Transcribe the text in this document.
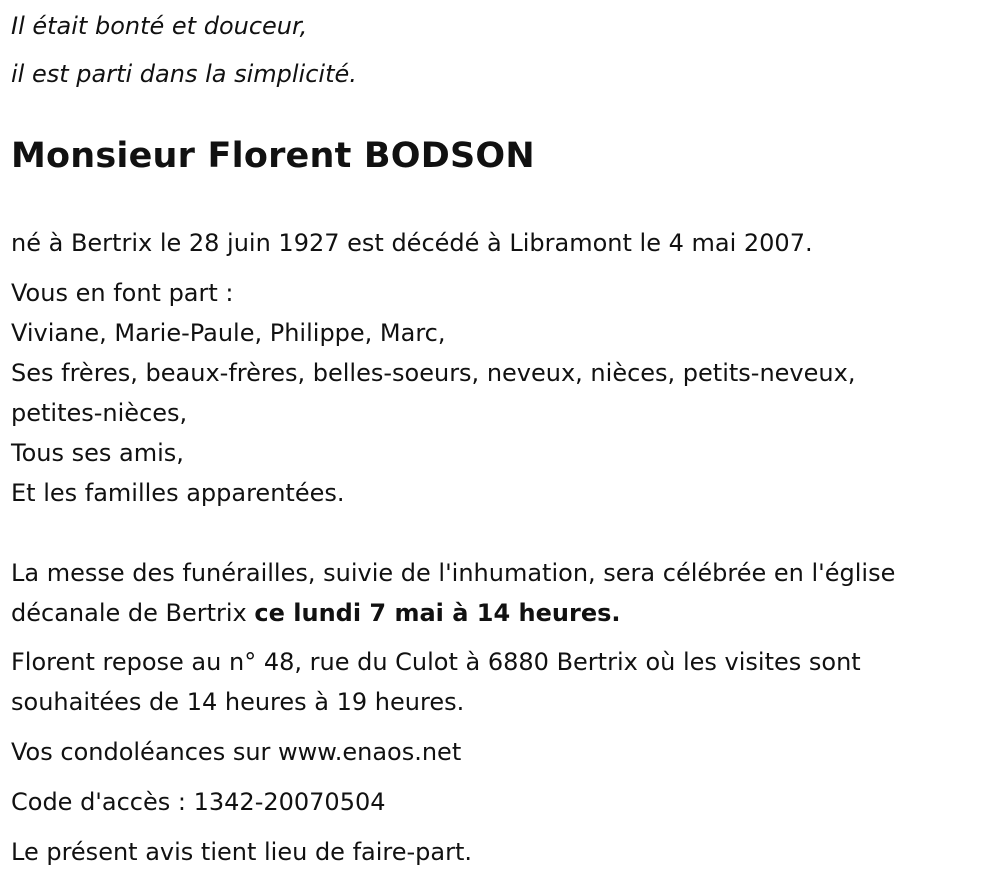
Il était bonté et douceur,
il est parti dans la simplicité.
Monsieur Florent BODSON
né à Bertrix le 28 juin 1927 est décédé à Libramont le 4 mai 2007.
Vous en font part :
Viviane, Marie-Paule, Philippe, Marc,
Ses frères, beaux-frères, belles-soeurs, neveux, nièces, petits-neveux,
petites-nièces,
Tous ses amis,
Et les familles apparentées.
La messe des funérailles, suivie de l'inhumation, sera célébrée en l'église
décanale de Bertrix ce lundi 7 mai à 14 heures.
Florent repose au n° 48, rue du Culot à 6880 Bertrix où les visites sont
souhaitées de 14 heures à 19 heures.
Vos condoléances sur www.enaos.net
Code d'accès : 1342-20070504
Le présent avis tient lieu de faire-part.
